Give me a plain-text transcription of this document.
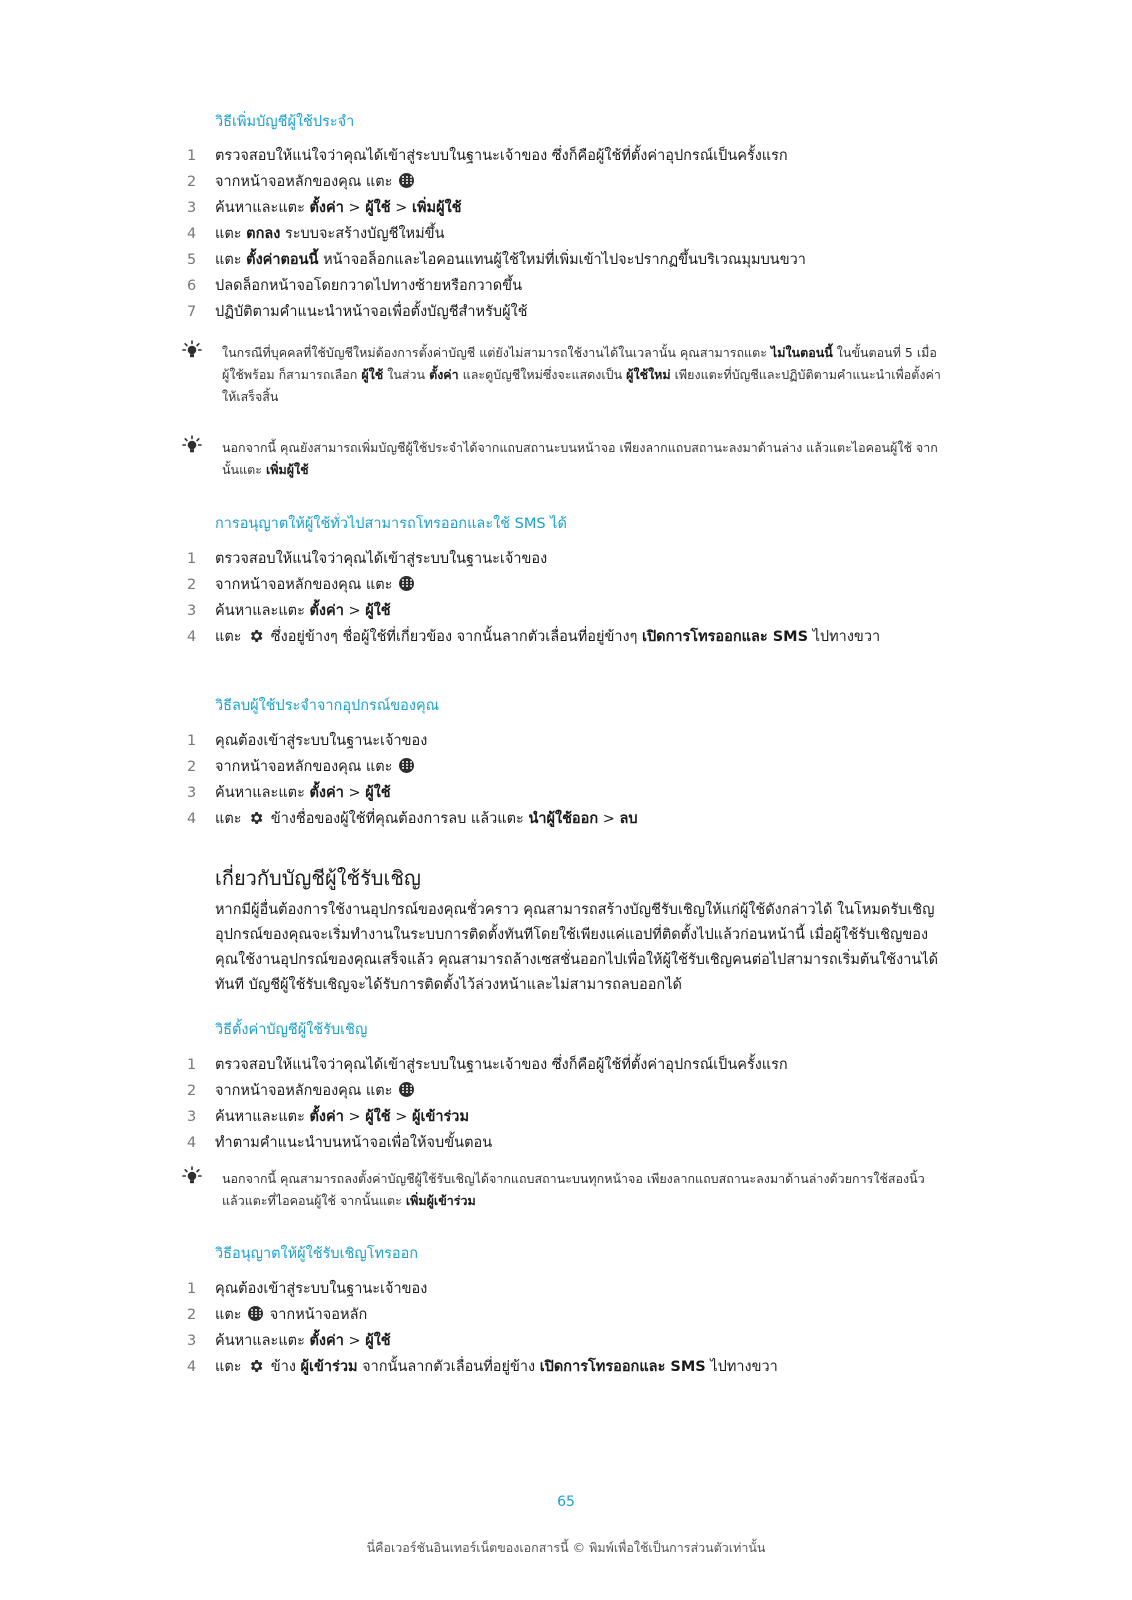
วิธีเพิ่มบัญชีผู้ใช้ประจำ
1	ตรวจสอบให้แน่ใจว่าคุณได้เข้าสู่ระบบในฐานะเจ้าของ ซึ่งก็คือผู้ใช้ที่ตั้งค่าอุปกรณ์เป็นครั้งแรก
2	จากหน้าจอหลักของคุณ แตะ
3	ค้นหาและแตะ ตั้งค่า > ผู้ใช้ > เพิ่มผู้ใช้
4	แตะ ตกลง ระบบจะสร้างบัญชีใหม่ขึ้น
5	แตะ ตั้งค่าตอนนี้ หน้าจอล็อกและไอคอนแทนผู้ใช้ใหม่ที่เพิ่มเข้าไปจะปรากฏขึ้นบริเวณมุมบนขวา
6	ปลดล็อกหน้าจอโดยกวาดไปทางซ้ายหรือกวาดขึ้น
7	ปฏิบัติตามคำแนะนำหน้าจอเพื่อตั้งบัญชีสำหรับผู้ใช้
ในกรณีที่บุคคลที่ใช้บัญชีใหม่ต้องการตั้งค่าบัญชี แต่ยังไม่สามารถใช้งานได้ในเวลานั้น คุณสามารถแตะ ไม่ในตอนนี้ ในขั้นตอนที่ 5 เมื่อผู้ใช้พร้อม ก็สามารถเลือก ผู้ใช้ ในส่วน ตั้งค่า และดูบัญชีใหม่ซึ่งจะแสดงเป็น ผู้ใช้ใหม่ เพียงแตะที่บัญชีและปฏิบัติตามคำแนะนำเพื่อตั้งค่าให้เสร็จสิ้น
นอกจากนี้ คุณยังสามารถเพิ่มบัญชีผู้ใช้ประจำได้จากแถบสถานะบนหน้าจอ เพียงลากแถบสถานะลงมาด้านล่าง แล้วแตะไอคอนผู้ใช้ จากนั้นแตะ เพิ่มผู้ใช้
การอนุญาตให้ผู้ใช้ทั่วไปสามารถโทรออกและใช้ SMS ได้
1	ตรวจสอบให้แน่ใจว่าคุณได้เข้าสู่ระบบในฐานะเจ้าของ
2	จากหน้าจอหลักของคุณ แตะ
3	ค้นหาและแตะ ตั้งค่า > ผู้ใช้
4	แตะ ซึ่งอยู่ข้างๆ ชื่อผู้ใช้ที่เกี่ยวข้อง จากนั้นลากตัวเลื่อนที่อยู่ข้างๆ เปิดการโทรออกและ SMS ไปทางขวา
วิธีลบผู้ใช้ประจำจากอุปกรณ์ของคุณ
1	คุณต้องเข้าสู่ระบบในฐานะเจ้าของ
2	จากหน้าจอหลักของคุณ แตะ
3	ค้นหาและแตะ ตั้งค่า > ผู้ใช้
4	แตะ ข้างชื่อของผู้ใช้ที่คุณต้องการลบ แล้วแตะ นำผู้ใช้ออก > ลบ
เกี่ยวกับบัญชีผู้ใช้รับเชิญ
หากมีผู้อื่นต้องการใช้งานอุปกรณ์ของคุณชั่วคราว คุณสามารถสร้างบัญชีรับเชิญให้แก่ผู้ใช้ดังกล่าวได้ ในโหมดรับเชิญ อุปกรณ์ของคุณจะเริ่มทำงานในระบบการติดตั้งทันทีโดยใช้เพียงแค่แอปที่ติดตั้งไปแล้วก่อนหน้านี้ เมื่อผู้ใช้รับเชิญของคุณใช้งานอุปกรณ์ของคุณเสร็จแล้ว คุณสามารถล้างเซสชั่นออกไปเพื่อให้ผู้ใช้รับเชิญคนต่อไปสามารถเริ่มต้นใช้งานได้ทันที บัญชีผู้ใช้รับเชิญจะได้รับการติดตั้งไว้ล่วงหน้าและไม่สามารถลบออกได้
วิธีตั้งค่าบัญชีผู้ใช้รับเชิญ
1	ตรวจสอบให้แน่ใจว่าคุณได้เข้าสู่ระบบในฐานะเจ้าของ ซึ่งก็คือผู้ใช้ที่ตั้งค่าอุปกรณ์เป็นครั้งแรก
2	จากหน้าจอหลักของคุณ แตะ
3	ค้นหาและแตะ ตั้งค่า > ผู้ใช้ > ผู้เข้าร่วม
4	ทำตามคำแนะนำบนหน้าจอเพื่อให้จบขั้นตอน
นอกจากนี้ คุณสามารถลงตั้งค่าบัญชีผู้ใช้รับเชิญได้จากแถบสถานะบนทุกหน้าจอ เพียงลากแถบสถานะลงมาด้านล่างด้วยการใช้สองนิ้ว แล้วแตะที่ไอคอนผู้ใช้ จากนั้นแตะ เพิ่มผู้เข้าร่วม
วิธีอนุญาตให้ผู้ใช้รับเชิญโทรออก
1	คุณต้องเข้าสู่ระบบในฐานะเจ้าของ
2	แตะ จากหน้าจอหลัก
3	ค้นหาและแตะ ตั้งค่า > ผู้ใช้
4	แตะ ข้าง ผู้เข้าร่วม จากนั้นลากตัวเลื่อนที่อยู่ข้าง เปิดการโทรออกและ SMS ไปทางขวา
65
นี่คือเวอร์ชันอินเทอร์เน็ตของเอกสารนี้ © พิมพ์เพื่อใช้เป็นการส่วนตัวเท่านั้น
